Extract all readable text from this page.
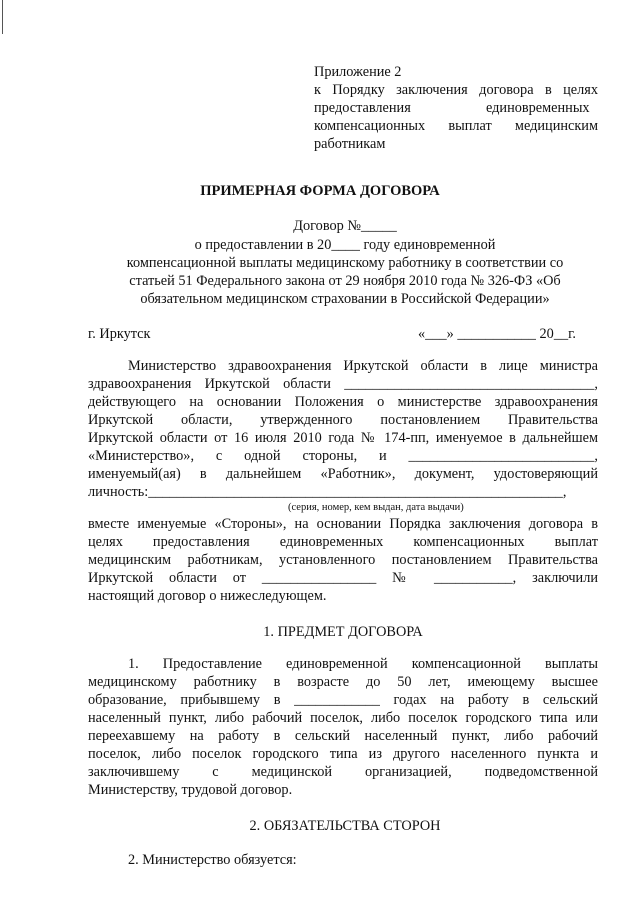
Приложение 2
к Порядку заключения договора в целях
предоставления	единовременных
компенсационных выплат медицинским
работникам
ПРИМЕРНАЯ ФОРМА ДОГОВОРА
Договор №_____
о предоставлении в 20____ году единовременной
компенсационной выплаты медицинскому работнику в соответствии со
статьей 51 Федерального закона от 29 ноября 2010 года № 326-ФЗ «Об
обязательном медицинском страховании в Российской Федерации»
г. Иркутск	«___» ___________ 20__г.
Министерство здравоохранения Иркутской области в лице министра
здравоохранения Иркутской области ___________________________________,
действующего на основании Положения о министерстве здравоохранения
Иркутской области, утвержденного постановлением Правительства
Иркутской области от 16 июля 2010 года № 174-пп, именуемое в дальнейшем
«Министерство», с одной стороны, и __________________________,
именуемый(ая) в дальнейшем «Работник», документ, удостоверяющий
личность:__________________________________________________________,
(серия, номер, кем выдан, дата выдачи)
вместе именуемые «Стороны», на основании Порядка заключения договора в
целях предоставления единовременных компенсационных выплат
медицинским работникам, установленного постановлением Правительства
Иркутской области от ________________ № ___________, заключили
настоящий договор о нижеследующем.
1. ПРЕДМЕТ ДОГОВОРА
1. Предоставление единовременной компенсационной выплаты
медицинскому работнику в возрасте до 50 лет, имеющему высшее
образование, прибывшему в ____________ годах на работу в сельский
населенный пункт, либо рабочий поселок, либо поселок городского типа или
переехавшему на работу в сельский населенный пункт, либо рабочий
поселок, либо поселок городского типа из другого населенного пункта и
заключившему с медицинской организацией, подведомственной
Министерству, трудовой договор.
2. ОБЯЗАТЕЛЬСТВА СТОРОН
2. Министерство обязуется:
